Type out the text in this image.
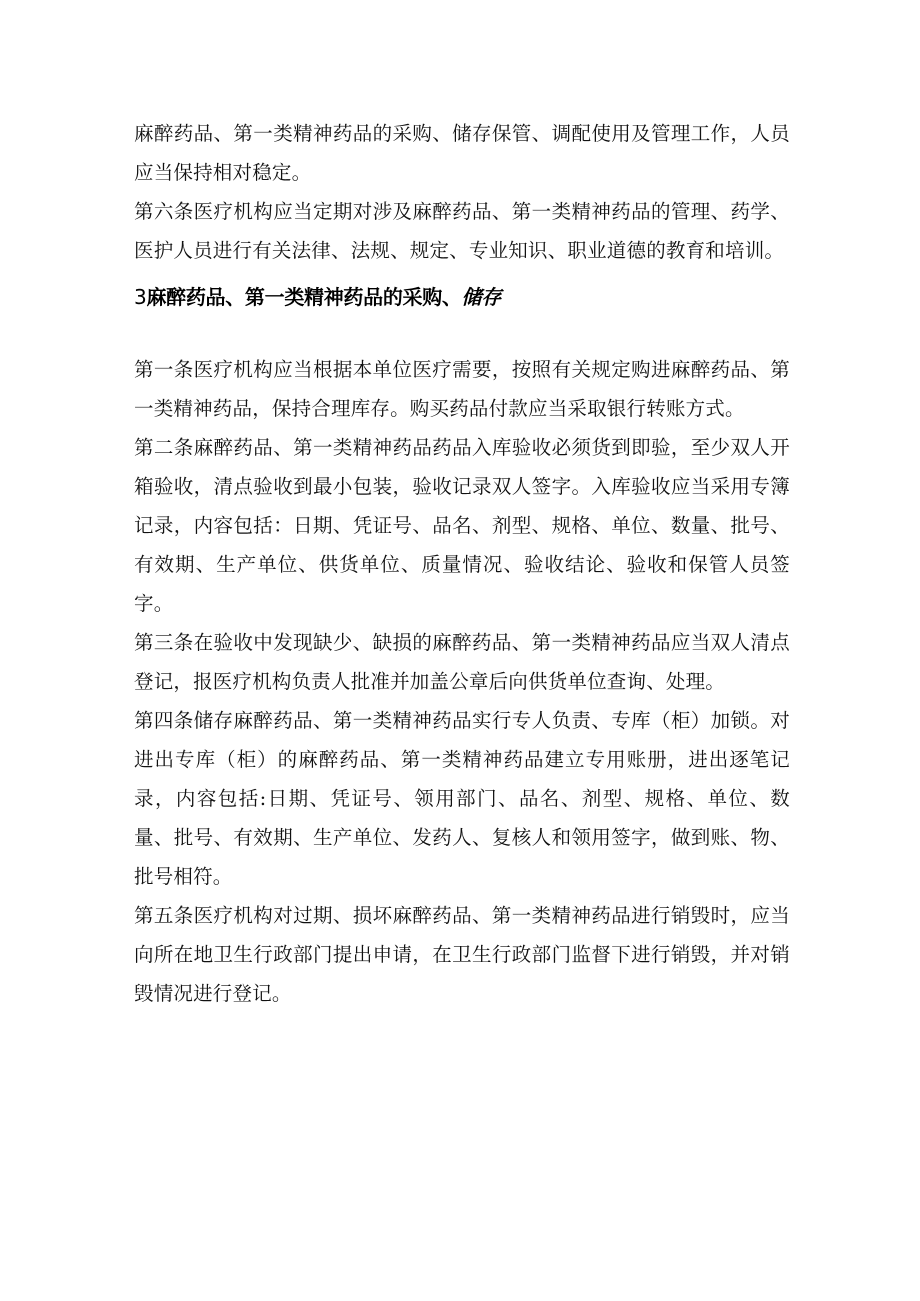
麻醉药品、第一类精神药品的采购、储存保管、调配使用及管理工作，人员应当保持相对稳定。

第六条医疗机构应当定期对涉及麻醉药品、第一类精神药品的管理、药学、医护人员进行有关法律、法规、规定、专业知识、职业道德的教育和培训。

3麻醉药品、第一类精神药品的采购、储存

第一条医疗机构应当根据本单位医疗需要，按照有关规定购进麻醉药品、第一类精神药品，保持合理库存。购买药品付款应当采取银行转账方式。

第二条麻醉药品、第一类精神药品药品入库验收必须货到即验，至少双人开箱验收，清点验收到最小包装，验收记录双人签字。入库验收应当采用专簿记录，内容包括：日期、凭证号、品名、剂型、规格、单位、数量、批号、有效期、生产单位、供货单位、质量情况、验收结论、验收和保管人员签字。

第三条在验收中发现缺少、缺损的麻醉药品、第一类精神药品应当双人清点登记，报医疗机构负责人批准并加盖公章后向供货单位查询、处理。

第四条储存麻醉药品、第一类精神药品实行专人负责、专库（柜）加锁。对进出专库（柜）的麻醉药品、第一类精神药品建立专用账册，进出逐笔记录，内容包括:日期、凭证号、领用部门、品名、剂型、规格、单位、数量、批号、有效期、生产单位、发药人、复核人和领用签字，做到账、物、批号相符。

第五条医疗机构对过期、损坏麻醉药品、第一类精神药品进行销毁时，应当向所在地卫生行政部门提出申请，在卫生行政部门监督下进行销毁，并对销毁情况进行登记。
